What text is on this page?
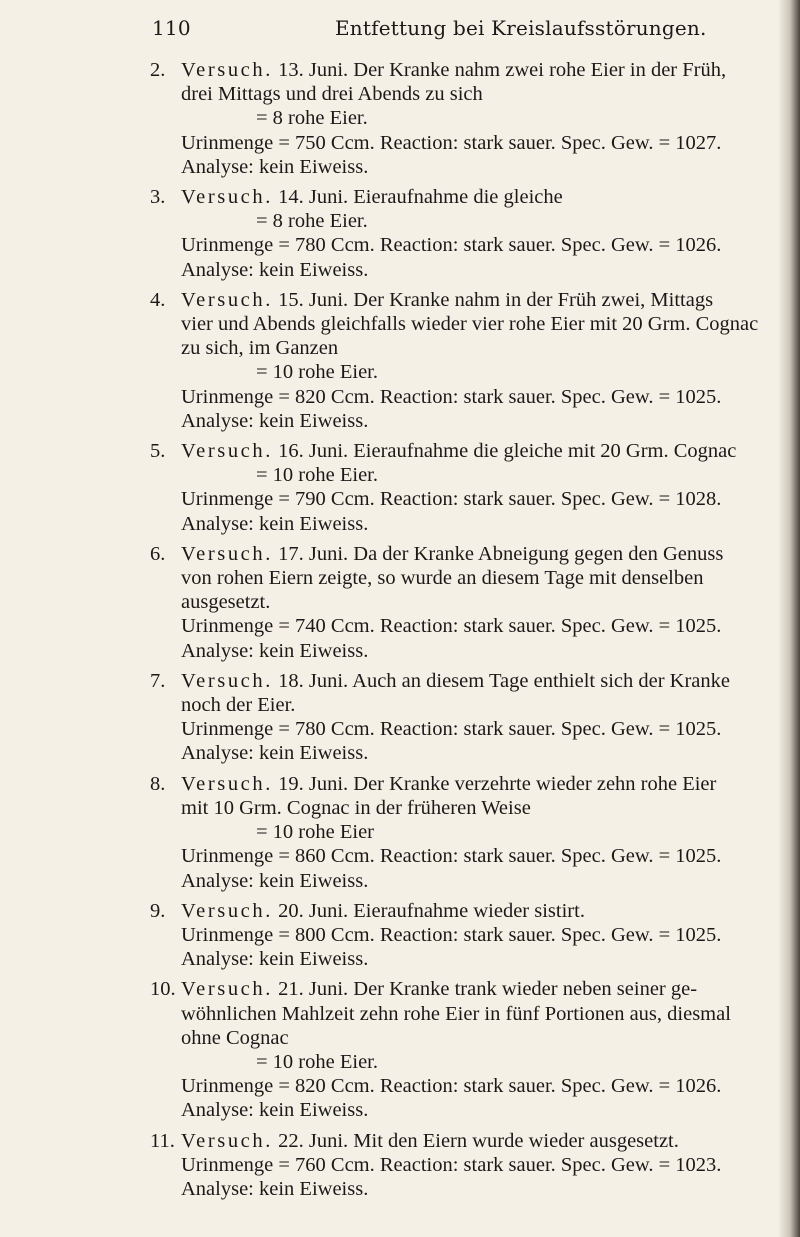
110	Entfettung bei Kreislaufsstörungen.
2. Versuch. 13. Juni. Der Kranke nahm zwei rohe Eier in der Früh,
drei Mittags und drei Abends zu sich
= 8 rohe Eier.
Urinmenge = 750 Ccm. Reaction: stark sauer. Spec. Gew. = 1027.
Analyse: kein Eiweiss.
3. Versuch. 14. Juni. Eieraufnahme die gleiche
= 8 rohe Eier.
Urinmenge = 780 Ccm. Reaction: stark sauer. Spec. Gew. = 1026.
Analyse: kein Eiweiss.
4. Versuch. 15. Juni. Der Kranke nahm in der Früh zwei, Mittags
vier und Abends gleichfalls wieder vier rohe Eier mit 20 Grm. Cognac
zu sich, im Ganzen
= 10 rohe Eier.
Urinmenge = 820 Ccm. Reaction: stark sauer. Spec. Gew. = 1025.
Analyse: kein Eiweiss.
5. Versuch. 16. Juni. Eieraufnahme die gleiche mit 20 Grm. Cognac
= 10 rohe Eier.
Urinmenge = 790 Ccm. Reaction: stark sauer. Spec. Gew. = 1028.
Analyse: kein Eiweiss.
6. Versuch. 17. Juni. Da der Kranke Abneigung gegen den Genuss
von rohen Eiern zeigte, so wurde an diesem Tage mit denselben
ausgesetzt.
Urinmenge = 740 Ccm. Reaction: stark sauer. Spec. Gew. = 1025.
Analyse: kein Eiweiss.
7. Versuch. 18. Juni. Auch an diesem Tage enthielt sich der Kranke
noch der Eier.
Urinmenge = 780 Ccm. Reaction: stark sauer. Spec. Gew. = 1025.
Analyse: kein Eiweiss.
8. Versuch. 19. Juni. Der Kranke verzehrte wieder zehn rohe Eier
mit 10 Grm. Cognac in der früheren Weise
= 10 rohe Eier
Urinmenge = 860 Ccm. Reaction: stark sauer. Spec. Gew. = 1025.
Analyse: kein Eiweiss.
9. Versuch. 20. Juni. Eieraufnahme wieder sistirt.
Urinmenge = 800 Ccm. Reaction: stark sauer. Spec. Gew. = 1025.
Analyse: kein Eiweiss.
10. Versuch. 21. Juni. Der Kranke trank wieder neben seiner ge-
wöhnlichen Mahlzeit zehn rohe Eier in fünf Portionen aus, diesmal
ohne Cognac
= 10 rohe Eier.
Urinmenge = 820 Ccm. Reaction: stark sauer. Spec. Gew. = 1026.
Analyse: kein Eiweiss.
11. Versuch. 22. Juni. Mit den Eiern wurde wieder ausgesetzt.
Urinmenge = 760 Ccm. Reaction: stark sauer. Spec. Gew. = 1023.
Analyse: kein Eiweiss.
